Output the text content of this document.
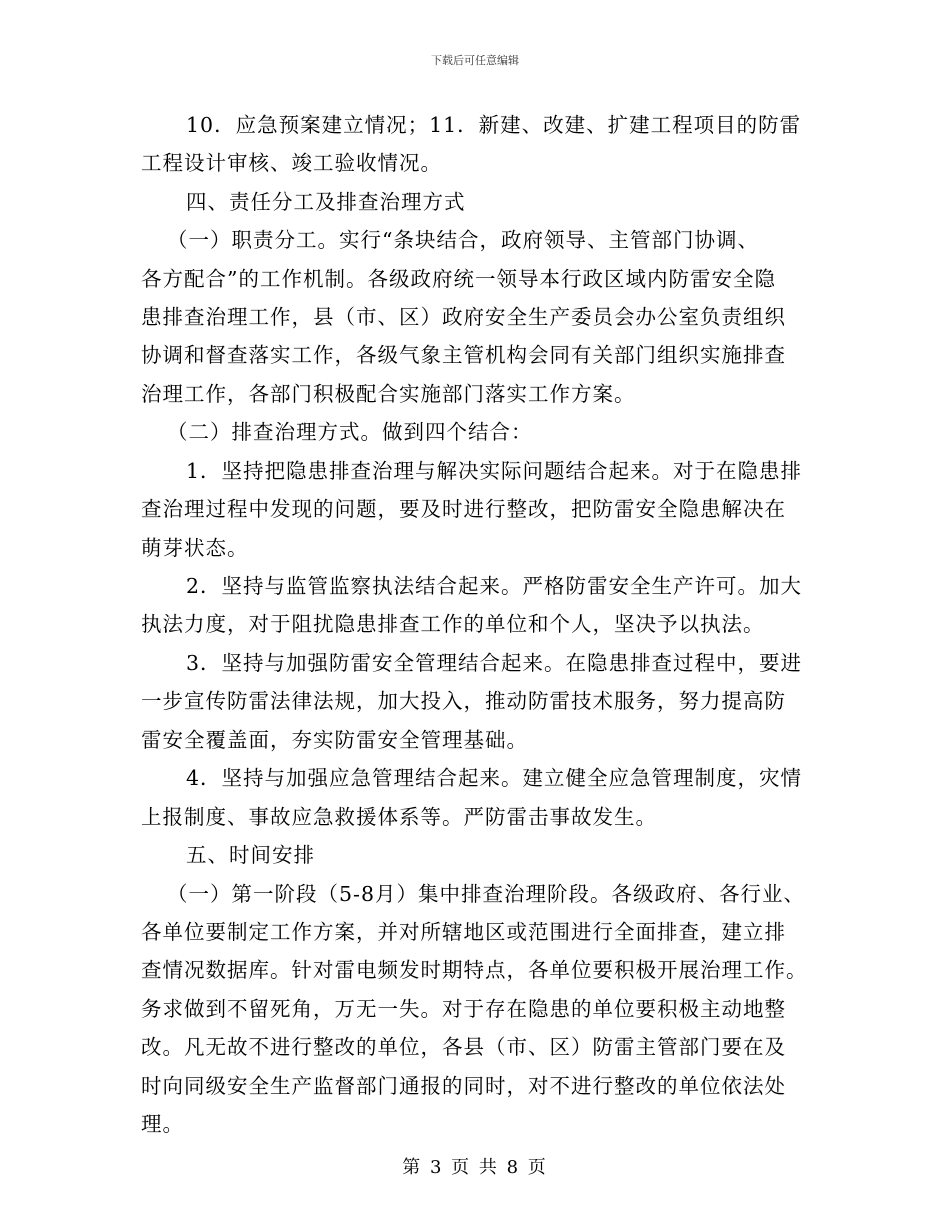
下载后可任意编辑
10．应急预案建立情况；11．新建、改建、扩建工程项目的防雷
工程设计审核、竣工验收情况。
四、责任分工及排查治理方式
（一）职责分工。实行“条块结合，政府领导、主管部门协调、
各方配合”的工作机制。各级政府统一领导本行政区域内防雷安全隐
患排查治理工作，县（市、区）政府安全生产委员会办公室负责组织
协调和督查落实工作，各级气象主管机构会同有关部门组织实施排查
治理工作，各部门积极配合实施部门落实工作方案。
（二）排查治理方式。做到四个结合：
1．坚持把隐患排查治理与解决实际问题结合起来。对于在隐患排
查治理过程中发现的问题，要及时进行整改，把防雷安全隐患解决在
萌芽状态。
2．坚持与监管监察执法结合起来。严格防雷安全生产许可。加大
执法力度，对于阻扰隐患排查工作的单位和个人，坚决予以执法。
3．坚持与加强防雷安全管理结合起来。在隐患排查过程中，要进
一步宣传防雷法律法规，加大投入，推动防雷技术服务，努力提高防
雷安全覆盖面，夯实防雷安全管理基础。
4．坚持与加强应急管理结合起来。建立健全应急管理制度，灾情
上报制度、事故应急救援体系等。严防雷击事故发生。
五、时间安排
（一）第一阶段（5-8月）集中排查治理阶段。各级政府、各行业、
各单位要制定工作方案，并对所辖地区或范围进行全面排查，建立排
查情况数据库。针对雷电频发时期特点，各单位要积极开展治理工作。
务求做到不留死角，万无一失。对于存在隐患的单位要积极主动地整
改。凡无故不进行整改的单位，各县（市、区）防雷主管部门要在及
时向同级安全生产监督部门通报的同时，对不进行整改的单位依法处
理。
第 3 页 共 8 页
